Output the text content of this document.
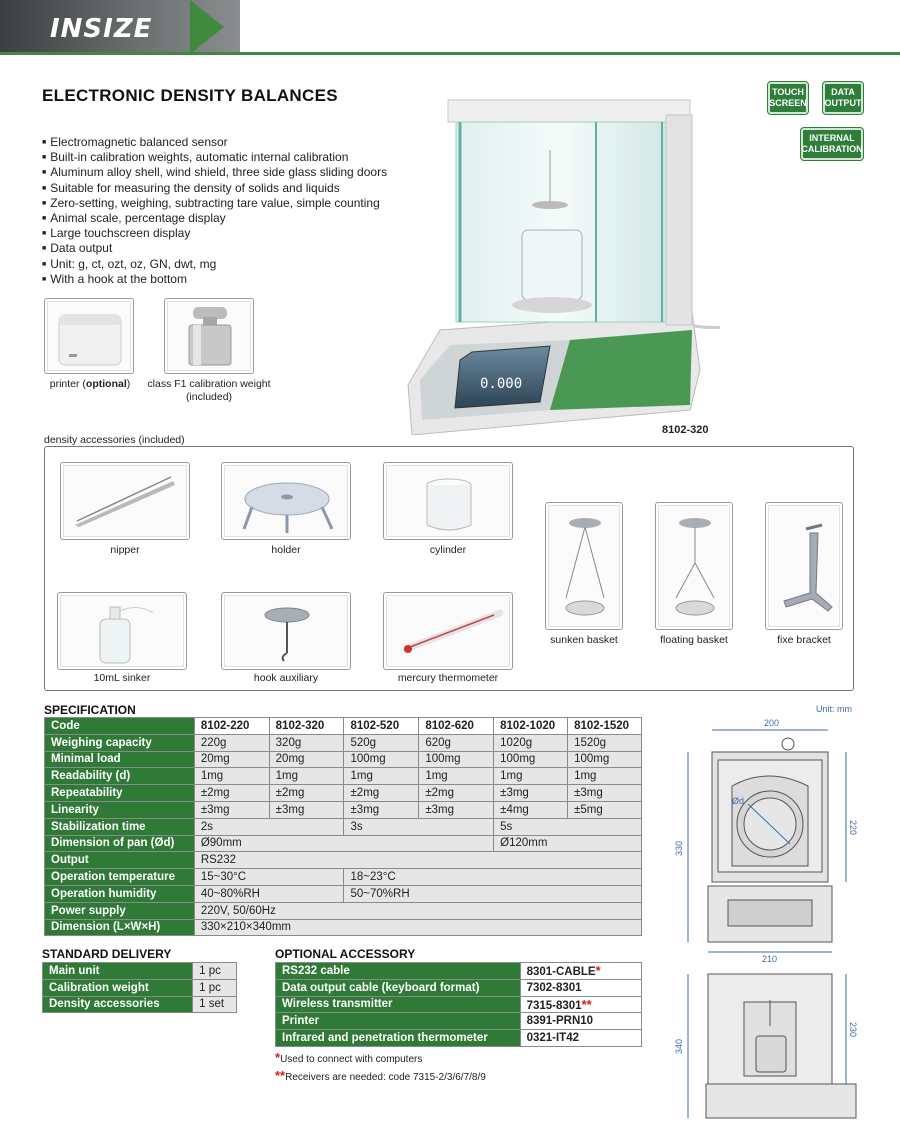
INSIZE
ELECTRONIC DENSITY BALANCES
■ Electromagnetic balanced sensor
■ Built-in calibration weights, automatic internal calibration
■ Aluminum alloy shell, wind shield, three side glass sliding doors
■ Suitable for measuring the density of solids and liquids
■ Zero-setting, weighing, subtracting tare value, simple counting
■ Animal scale, percentage display
■ Large touchscreen display
■ Data output
■ Unit: g, ct, ozt, oz, GN, dwt, mg
■ With a hook at the bottom
TOUCH
SCREEN
DATA
OUTPUT
INTERNAL
CALIBRATION
0.000
8102-320
printer (optional)	class F1 calibration weight
(included)
density accessories (included)
nipper	holder	cylinder
10mL sinker	hook auxiliary	mercury thermometer
sunken basket	floating basket	fixe bracket
SPECIFICATION
Code	8102-220	8102-320	8102-520	8102-620	8102-1020	8102-1520
Weighing capacity	220g	320g	520g	620g	1020g	1520g
Minimal load	20mg	20mg	100mg	100mg	100mg	100mg
Readability (d)	1mg	1mg	1mg	1mg	1mg	1mg
Repeatability	±2mg	±2mg	±2mg	±2mg	±3mg	±3mg
Linearity	±3mg	±3mg	±3mg	±3mg	±4mg	±5mg
Stabilization time	2s		3s		5s	
Dimension of pan (Ød)	Ø90mm				Ø120mm	
Output	RS232					
Operation temperature	15~30°C		18~23°C			
Operation humidity	40~80%RH		50~70%RH			
Power supply	220V, 50/60Hz					
Dimension (L×W×H)	330×210×340mm					
STANDARD DELIVERY
Main unit	1 pc
Calibration weight	1 pc
Density accessories	1 set
OPTIONAL ACCESSORY
RS232 cable	8301-CABLE*
Data output cable (keyboard format)	7302-8301
Wireless transmitter	7315-8301**
Printer	8391-PRN10
Infrared and penetration thermometer	0321-IT42
*Used to connect with computers
**Receivers are needed: code 7315-2/3/6/7/8/9
Unit: mm
200
Ød
220
330
210
230
340
